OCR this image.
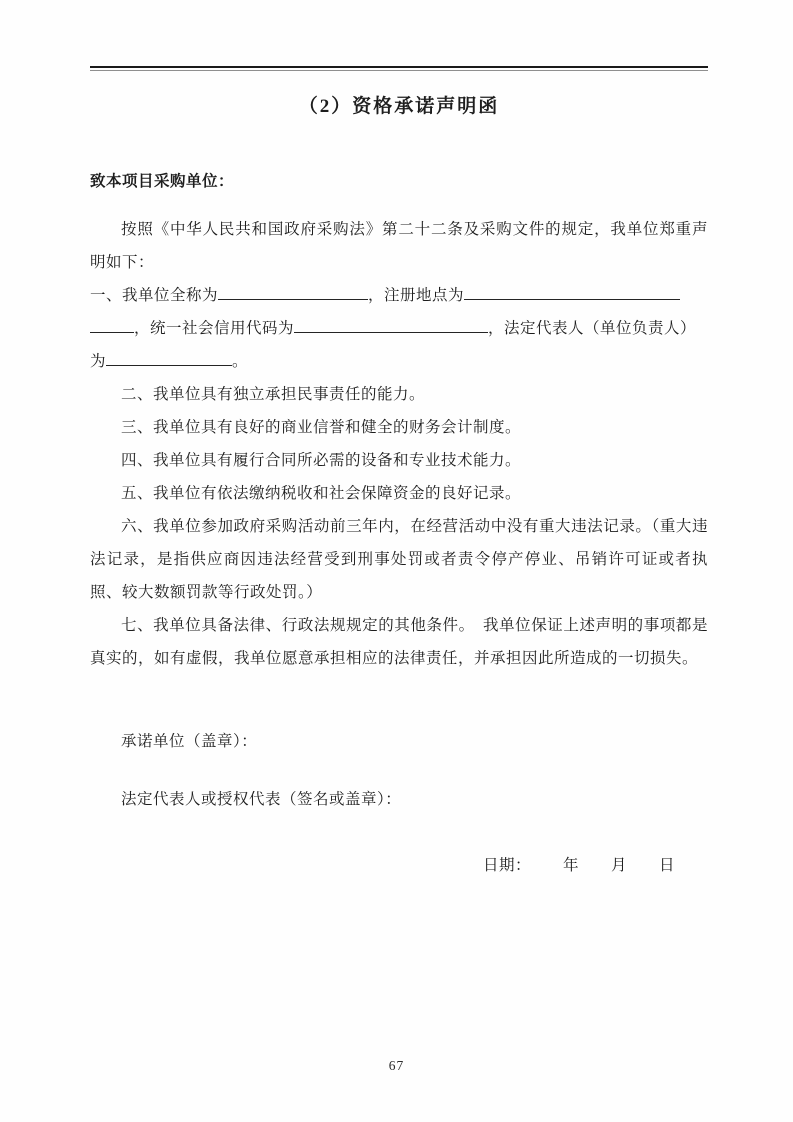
（2）资格承诺声明函

致本项目采购单位：

按照《中华人民共和国政府采购法》第二十二条及采购文件的规定，我单位郑重声明如下：

一、我单位全称为	，注册地点为

，统一社会信用代码为	，法定代表人（单位负责人）

为	。

二、我单位具有独立承担民事责任的能力。

三、我单位具有良好的商业信誉和健全的财务会计制度。

四、我单位具有履行合同所必需的设备和专业技术能力。

五、我单位有依法缴纳税收和社会保障资金的良好记录。

六、我单位参加政府采购活动前三年内，在经营活动中没有重大违法记录。（重大违法记录，是指供应商因违法经营受到刑事处罚或者责令停产停业、吊销许可证或者执照、较大数额罚款等行政处罚。）

七、我单位具备法律、行政法规规定的其他条件。　我单位保证上述声明的事项都是真实的，如有虚假，我单位愿意承担相应的法律责任，并承担因此所造成的一切损失。

承诺单位（盖章）：

法定代表人或授权代表（签名或盖章）：

日期： 年 月 日
67
